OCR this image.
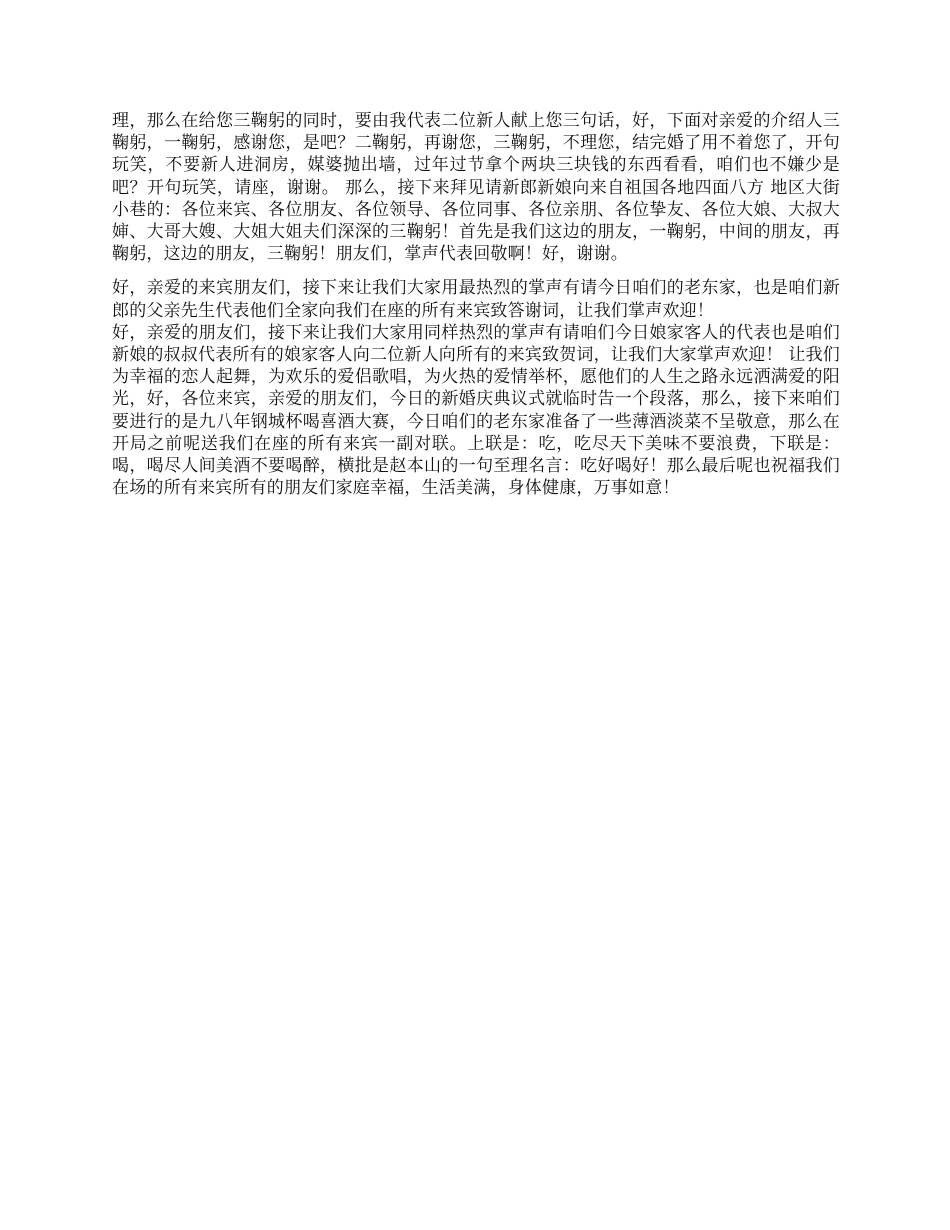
理，那么在给您三鞠躬的同时，要由我代表二位新人献上您三句话，好，下面对亲爱的介绍人三鞠躬，一鞠躬，感谢您，是吧？二鞠躬，再谢您，三鞠躬，不理您，结完婚了用不着您了，开句玩笑，不要新人进洞房，媒婆抛出墙，过年过节拿个两块三块钱的东西看看，咱们也不嫌少是吧？开句玩笑，请座，谢谢。 那么，接下来拜见请新郎新娘向来自祖国各地四面八方 地区大街小巷的：各位来宾、各位朋友、各位领导、各位同事、各位亲朋、各位挚友、各位大娘、大叔大婶、大哥大嫂、大姐大姐夫们深深的三鞠躬！首先是我们这边的朋友，一鞠躬，中间的朋友，再鞠躬，这边的朋友，三鞠躬！朋友们，掌声代表回敬啊！好，谢谢。

好，亲爱的来宾朋友们，接下来让我们大家用最热烈的掌声有请今日咱们的老东家，也是咱们新郎的父亲先生代表他们全家向我们在座的所有来宾致答谢词，让我们掌声欢迎！

好，亲爱的朋友们，接下来让我们大家用同样热烈的掌声有请咱们今日娘家客人的代表也是咱们新娘的叔叔代表所有的娘家客人向二位新人向所有的来宾致贺词，让我们大家掌声欢迎！ 让我们为幸福的恋人起舞，为欢乐的爱侣歌唱，为火热的爱情举杯，愿他们的人生之路永远洒满爱的阳光，好，各位来宾，亲爱的朋友们，今日的新婚庆典议式就临时告一个段落，那么，接下来咱们要进行的是九八年钢城杯喝喜酒大赛，今日咱们的老东家准备了一些薄酒淡菜不呈敬意，那么在开局之前呢送我们在座的所有来宾一副对联。上联是：吃，吃尽天下美味不要浪费，下联是：喝，喝尽人间美酒不要喝醉，横批是赵本山的一句至理名言：吃好喝好！那么最后呢也祝福我们在场的所有来宾所有的朋友们家庭幸福，生活美满，身体健康，万事如意！
